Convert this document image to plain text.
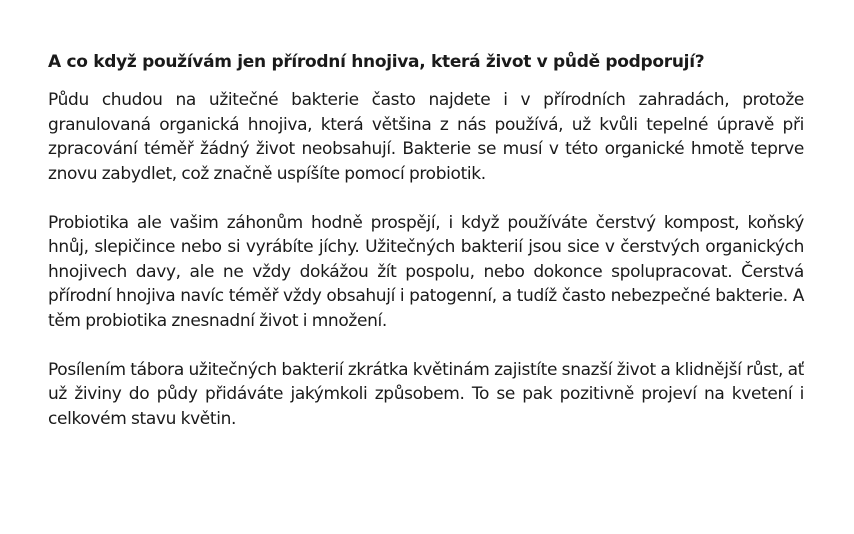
A co když používám jen přírodní hnojiva, která život v půdě podporují?

Půdu chudou na užitečné bakterie často najdete i v přírodních zahradách, protože granulovaná organická hnojiva, která většina z nás používá, už kvůli tepelné úpravě při zpracování téměř žádný život neobsahují. Bakterie se musí v této organické hmotě teprve znovu zabydlet, což značně uspíšíte pomocí probiotik.

Probiotika ale vašim záhonům hodně prospějí, i když používáte čerstvý kompost, koňský hnůj, slepičince nebo si vyrábíte jíchy. Užitečných bakterií jsou sice v čerstvých organických hnojivech davy, ale ne vždy dokážou žít pospolu, nebo dokonce spolupracovat. Čerstvá přírodní hnojiva navíc téměř vždy obsahují i patogenní, a tudíž často nebezpečné bakterie. A těm probiotika znesnadní život i množení.

Posílením tábora užitečných bakterií zkrátka květinám zajistíte snazší život a klidnější růst, ať už živiny do půdy přidáváte jakýmkoli způsobem. To se pak pozitivně projeví na kvetení i celkovém stavu květin.
